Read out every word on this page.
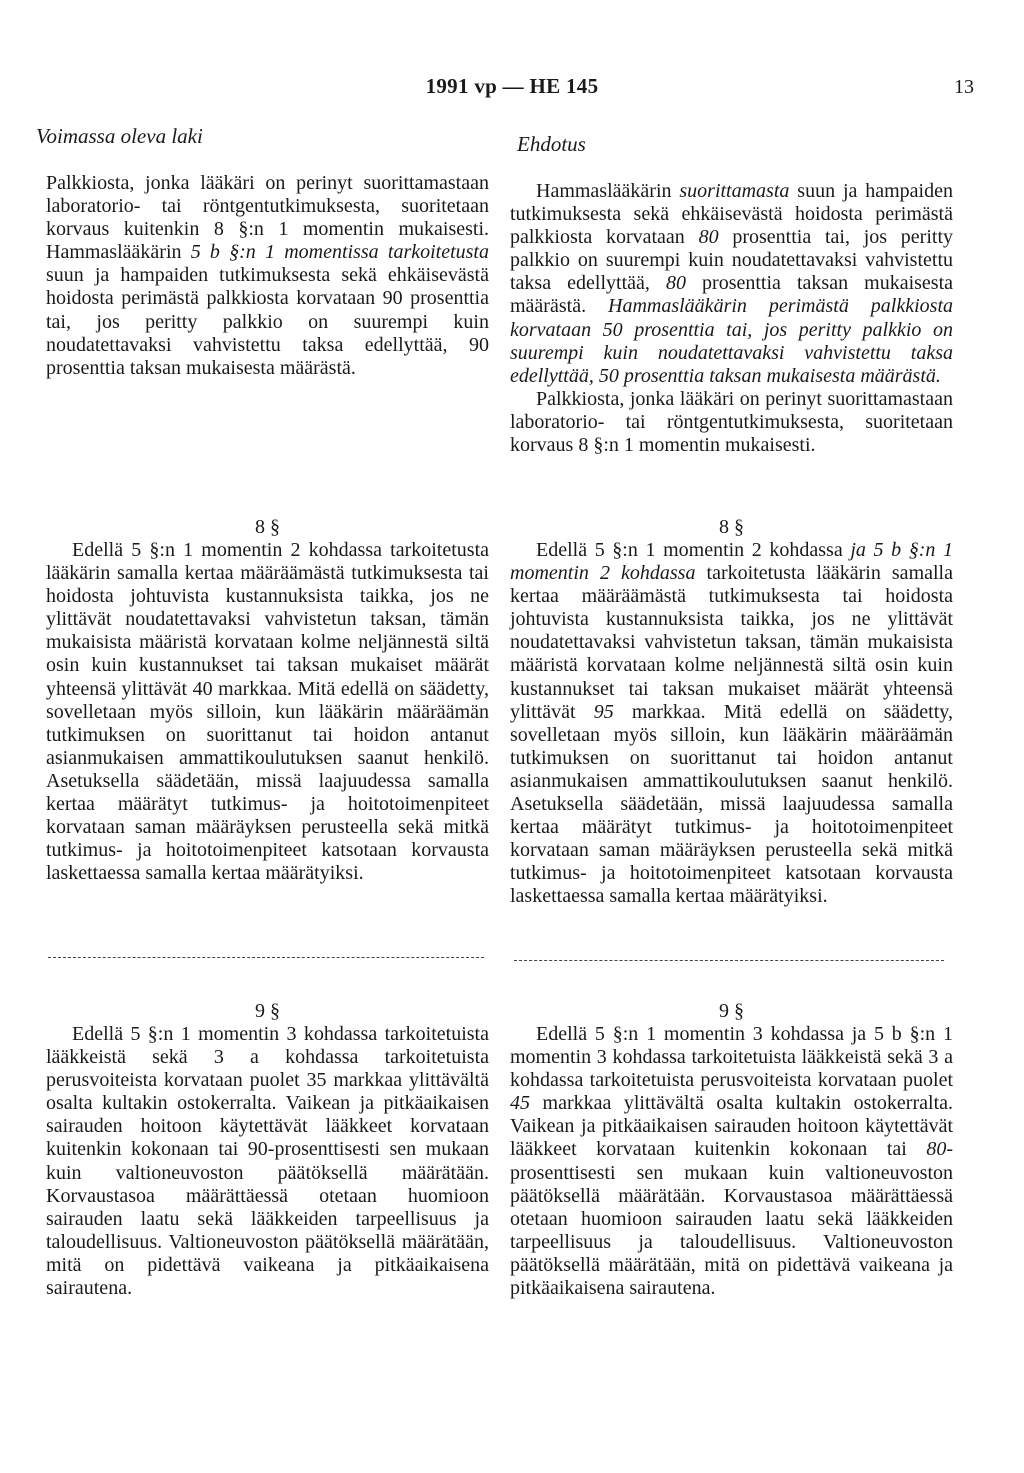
1991 vp — HE 145	13
Voimassa oleva laki	Ehdotus

Palkkiosta, jonka lääkäri on perinyt suorittamastaan laboratorio- tai röntgentutkimuksesta, suoritetaan korvaus kuitenkin 8 §:n 1 momentin mukaisesti. Hammaslääkärin 5 b §:n 1 momentissa tarkoitetusta suun ja hampaiden tutkimuksesta sekä ehkäisevästä hoidosta perimästä palkkiosta korvataan 90 prosenttia tai, jos peritty palkkio on suurempi kuin noudatettavaksi vahvistettu taksa edellyttää, 90 prosenttia taksan mukaisesta määrästä.

8 §

Edellä 5 §:n 1 momentin 2 kohdassa tarkoitetusta lääkärin samalla kertaa määräämästä tutkimuksesta tai hoidosta johtuvista kustannuksista taikka, jos ne ylittävät noudatettavaksi vahvistetun taksan, tämän mukaisista määristä korvataan kolme neljännestä siltä osin kuin kustannukset tai taksan mukaiset määrät yhteensä ylittävät 40 markkaa. Mitä edellä on säädetty, sovelletaan myös silloin, kun lääkärin määräämän tutkimuksen on suorittanut tai hoidon antanut asianmukaisen ammattikoulutuksen saanut henkilö. Asetuksella säädetään, missä laajuudessa samalla kertaa määrätyt tutkimus- ja hoitotoimenpiteet korvataan saman määräyksen perusteella sekä mitkä tutkimus- ja hoitotoimenpiteet katsotaan korvausta laskettaessa samalla kertaa määrätyiksi.

9 §

Edellä 5 §:n 1 momentin 3 kohdassa tarkoitetuista lääkkeistä sekä 3 a kohdassa tarkoitetuista perusvoiteista korvataan puolet 35 markkaa ylittävältä osalta kultakin ostokerralta. Vaikean ja pitkäaikaisen sairauden hoitoon käytettävät lääkkeet korvataan kuitenkin kokonaan tai 90-prosenttisesti sen mukaan kuin valtioneuvoston päätöksellä määrätään. Korvaustasoa määrättäessä otetaan huomioon sairauden laatu sekä lääkkeiden tarpeellisuus ja taloudellisuus. Valtioneuvoston päätöksellä määrätään, mitä on pidettävä vaikeana ja pitkäaikaisena sairautena.

Hammaslääkärin suorittamasta suun ja hampaiden tutkimuksesta sekä ehkäisevästä hoidosta perimästä palkkiosta korvataan 80 prosenttia tai, jos peritty palkkio on suurempi kuin noudatettavaksi vahvistettu taksa edellyttää, 80 prosenttia taksan mukaisesta määrästä. Hammaslääkärin perimästä palkkiosta korvataan 50 prosenttia tai, jos peritty palkkio on suurempi kuin noudatettavaksi vahvistettu taksa edellyttää, 50 prosenttia taksan mukaisesta määrästä.

Palkkiosta, jonka lääkäri on perinyt suorittamastaan laboratorio- tai röntgentutkimuksesta, suoritetaan korvaus 8 §:n 1 momentin mukaisesti.

8 §

Edellä 5 §:n 1 momentin 2 kohdassa ja 5 b §:n 1 momentin 2 kohdassa tarkoitetusta lääkärin samalla kertaa määräämästä tutkimuksesta tai hoidosta johtuvista kustannuksista taikka, jos ne ylittävät noudatettavaksi vahvistetun taksan, tämän mukaisista määristä korvataan kolme neljännestä siltä osin kuin kustannukset tai taksan mukaiset määrät yhteensä ylittävät 95 markkaa. Mitä edellä on säädetty, sovelletaan myös silloin, kun lääkärin määräämän tutkimuksen on suorittanut tai hoidon antanut asianmukaisen ammattikoulutuksen saanut henkilö. Asetuksella säädetään, missä laajuudessa samalla kertaa määrätyt tutkimus- ja hoitotoimenpiteet korvataan saman määräyksen perusteella sekä mitkä tutkimus- ja hoitotoimenpiteet katsotaan korvausta laskettaessa samalla kertaa määrätyiksi.

9 §

Edellä 5 §:n 1 momentin 3 kohdassa ja 5 b §:n 1 momentin 3 kohdassa tarkoitetuista lääkkeistä sekä 3 a kohdassa tarkoitetuista perusvoiteista korvataan puolet 45 markkaa ylittävältä osalta kultakin ostokerralta. Vaikean ja pitkäaikaisen sairauden hoitoon käytettävät lääkkeet korvataan kuitenkin kokonaan tai 80-prosenttisesti sen mukaan kuin valtioneuvoston päätöksellä määrätään. Korvaustasoa määrättäessä otetaan huomioon sairauden laatu sekä lääkkeiden tarpeellisuus ja taloudellisuus. Valtioneuvoston päätöksellä määrätään, mitä on pidettävä vaikeana ja pitkäaikaisena sairautena.
